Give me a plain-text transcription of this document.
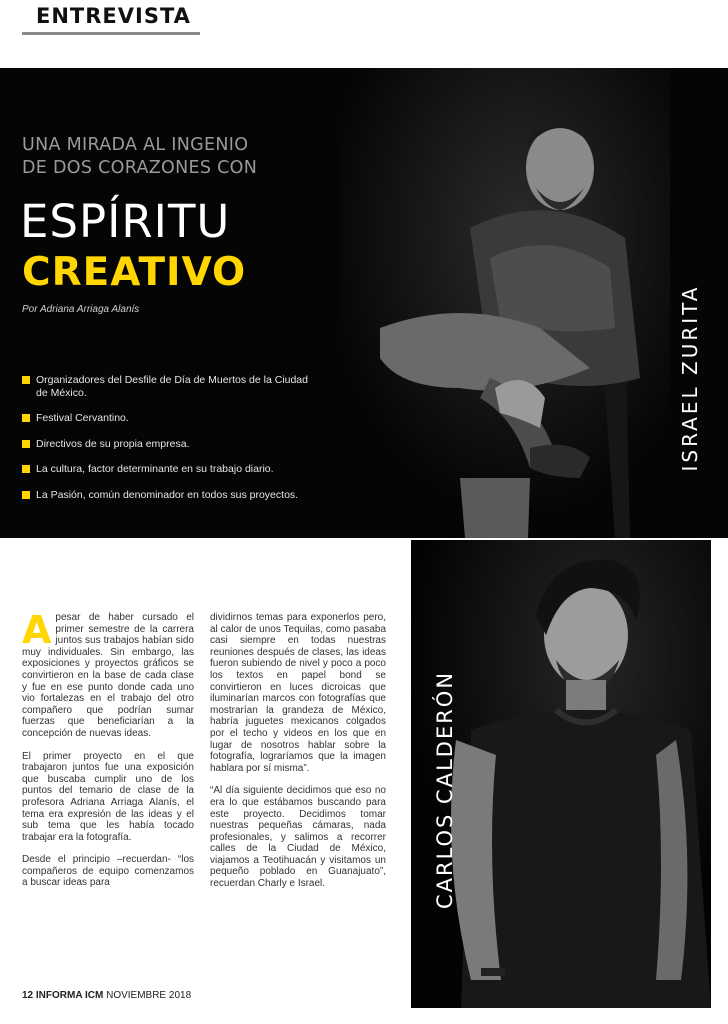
ENTREVISTA
UNA MIRADA AL INGENIO
DE DOS CORAZONES CON
ESPÍRITU
CREATIVO
Por Adriana Arriaga Alanís
Organizadores del Desfile de Día de Muertos de la Ciudad de México.
Festival Cervantino.
Directivos de su propia empresa.
La cultura, factor determinante en su trabajo diario.
La Pasión, común denominador en todos sus proyectos.
ISRAEL ZURITA

Apesar de haber cursado el primer semestre de la carrera juntos sus trabajos habían sido muy individuales. Sin embargo, las exposiciones y proyectos gráficos se convirtieron en la base de cada clase y fue en ese punto donde cada uno vio fortalezas en el trabajo del otro compañero que podrían sumar fuerzas que beneficiarían a la concepción de nuevas ideas.

El primer proyecto en el que trabajaron juntos fue una exposición que buscaba cumplir uno de los puntos del temario de clase de la profesora Adriana Arriaga Alanís, el tema era expresión de las ideas y el sub tema que les había tocado trabajar era la fotografía.

Desde el principio –recuerdan- “los compañeros de equipo comenzamos a buscar ideas para

dividirnos temas para exponerlos pero, al calor de unos Tequilas, como pasaba casi siempre en todas nuestras reuniones después de clases, las ideas fueron subiendo de nivel y poco a poco los textos en papel bond se convirtieron en luces dicroicas que iluminarían marcos con fotografías que mostrarían la grandeza de México, habría juguetes mexicanos colgados por el techo y videos en los que en lugar de nosotros hablar sobre la fotografía, lograríamos que la imagen hablara por sí misma”.

“Al día siguiente decidimos que eso no era lo que estábamos buscando para este proyecto. Decidimos tomar nuestras pequeñas cámaras, nada profesionales, y salimos a recorrer calles de la Ciudad de México, viajamos a Teotihuacán y visitamos un pequeño poblado en Guanajuato”, recuerdan Charly e Israel.	CARLOS CALDERÓN
12 INFORMA ICM NOVIEMBRE 2018
